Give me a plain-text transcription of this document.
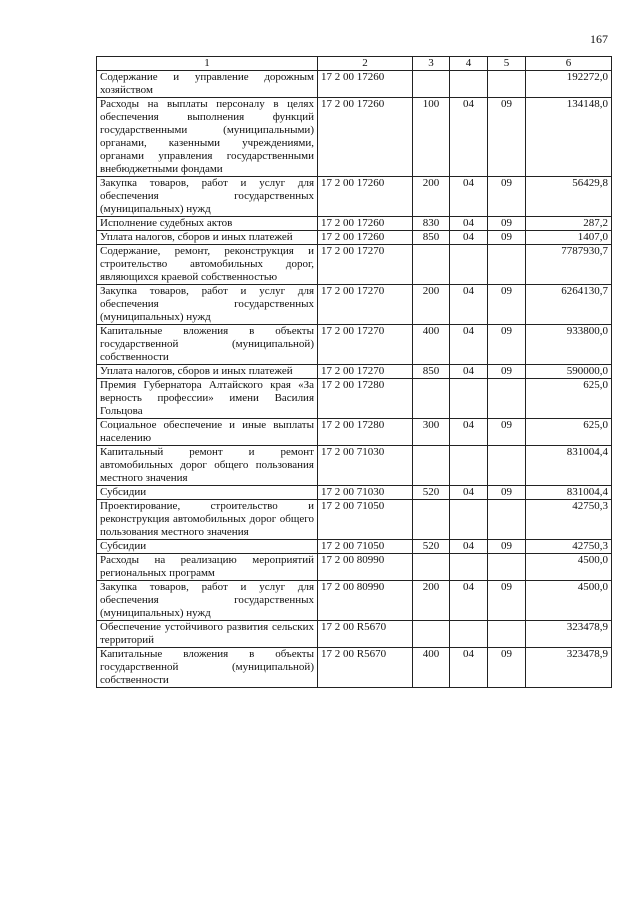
167
1	2	3	4	5	6
Содержание и управление дорожным хозяйством	17 2 00 17260				192272,0
Расходы на выплаты персоналу в целях обеспечения выполнения функций государственными (муниципальными) органами, казенными учреждениями, органами управления государственными внебюджетными фондами	17 2 00 17260	100	04	09	134148,0
Закупка товаров, работ и услуг для обеспечения государственных (муниципальных) нужд	17 2 00 17260	200	04	09	56429,8
Исполнение судебных актов	17 2 00 17260	830	04	09	287,2
Уплата налогов, сборов и иных платежей	17 2 00 17260	850	04	09	1407,0
Содержание, ремонт, реконструкция и строительство автомобильных дорог, являющихся краевой собственностью	17 2 00 17270				7787930,7
Закупка товаров, работ и услуг для обеспечения государственных (муниципальных) нужд	17 2 00 17270	200	04	09	6264130,7
Капитальные вложения в объекты государственной (муниципальной) собственности	17 2 00 17270	400	04	09	933800,0
Уплата налогов, сборов и иных платежей	17 2 00 17270	850	04	09	590000,0
Премия Губернатора Алтайского края «За верность профессии» имени Василия Гольцова	17 2 00 17280				625,0
Социальное обеспечение и иные выплаты населению	17 2 00 17280	300	04	09	625,0
Капитальный ремонт и ремонт автомобильных дорог общего пользования местного значения	17 2 00 71030				831004,4
Субсидии	17 2 00 71030	520	04	09	831004,4
Проектирование, строительство и реконструкция автомобильных дорог общего пользования местного значения	17 2 00 71050				42750,3
Субсидии	17 2 00 71050	520	04	09	42750,3
Расходы на реализацию мероприятий региональных программ	17 2 00 80990				4500,0
Закупка товаров, работ и услуг для обеспечения государственных (муниципальных) нужд	17 2 00 80990	200	04	09	4500,0
Обеспечение устойчивого развития сельских территорий	17 2 00 R5670				323478,9
Капитальные вложения в объекты государственной (муниципальной) собственности	17 2 00 R5670	400	04	09	323478,9
